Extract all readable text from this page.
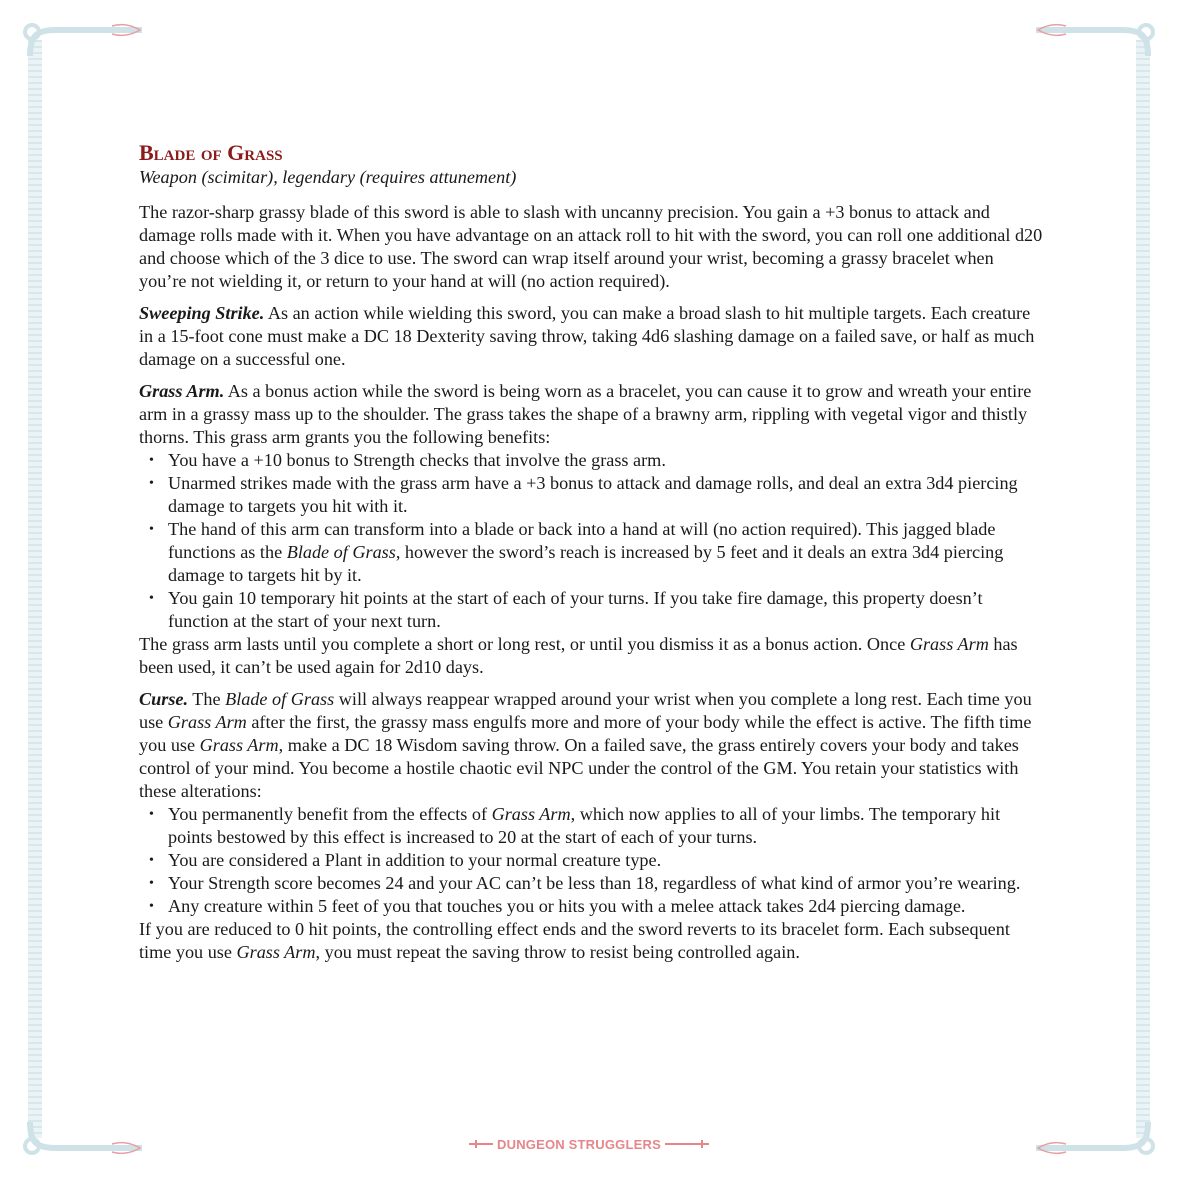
Blade of Grass
Weapon (scimitar), legendary (requires attunement)

The razor-sharp grassy blade of this sword is able to slash with uncanny precision. You gain a +3 bonus to attack and damage rolls made with it. When you have advantage on an attack roll to hit with the sword, you can roll one additional d20 and choose which of the 3 dice to use. The sword can wrap itself around your wrist, becoming a grassy bracelet when you’re not wielding it, or return to your hand at will (no action required).

Sweeping Strike. As an action while wielding this sword, you can make a broad slash to hit multiple targets. Each creature in a 15-foot cone must make a DC 18 Dexterity saving throw, taking 4d6 slashing damage on a failed save, or half as much damage on a successful one.

Grass Arm. As a bonus action while the sword is being worn as a bracelet, you can cause it to grow and wreath your entire arm in a grassy mass up to the shoulder. The grass takes the shape of a brawny arm, rippling with vegetal vigor and thistly thorns. This grass arm grants you the following benefits:

• You have a +10 bonus to Strength checks that involve the grass arm.
• Unarmed strikes made with the grass arm have a +3 bonus to attack and damage rolls, and deal an extra 3d4 piercing damage to targets you hit with it.
• The hand of this arm can transform into a blade or back into a hand at will (no action required). This jagged blade functions as the Blade of Grass, however the sword’s reach is increased by 5 feet and it deals an extra 3d4 piercing damage to targets hit by it.
• You gain 10 temporary hit points at the start of each of your turns. If you take fire damage, this property doesn’t function at the start of your next turn.

The grass arm lasts until you complete a short or long rest, or until you dismiss it as a bonus action. Once Grass Arm has been used, it can’t be used again for 2d10 days.

Curse. The Blade of Grass will always reappear wrapped around your wrist when you complete a long rest. Each time you use Grass Arm after the first, the grassy mass engulfs more and more of your body while the effect is active. The fifth time you use Grass Arm, make a DC 18 Wisdom saving throw. On a failed save, the grass entirely covers your body and takes control of your mind. You become a hostile chaotic evil NPC under the control of the GM. You retain your statistics with these alterations:

• You permanently benefit from the effects of Grass Arm, which now applies to all of your limbs. The temporary hit points bestowed by this effect is increased to 20 at the start of each of your turns.
• You are considered a Plant in addition to your normal creature type.
• Your Strength score becomes 24 and your AC can’t be less than 18, regardless of what kind of armor you’re wearing.
• Any creature within 5 feet of you that touches you or hits you with a melee attack takes 2d4 piercing damage.

If you are reduced to 0 hit points, the controlling effect ends and the sword reverts to its bracelet form. Each subsequent time you use Grass Arm, you must repeat the saving throw to resist being controlled again.

DUNGEON STRUGGLERS
